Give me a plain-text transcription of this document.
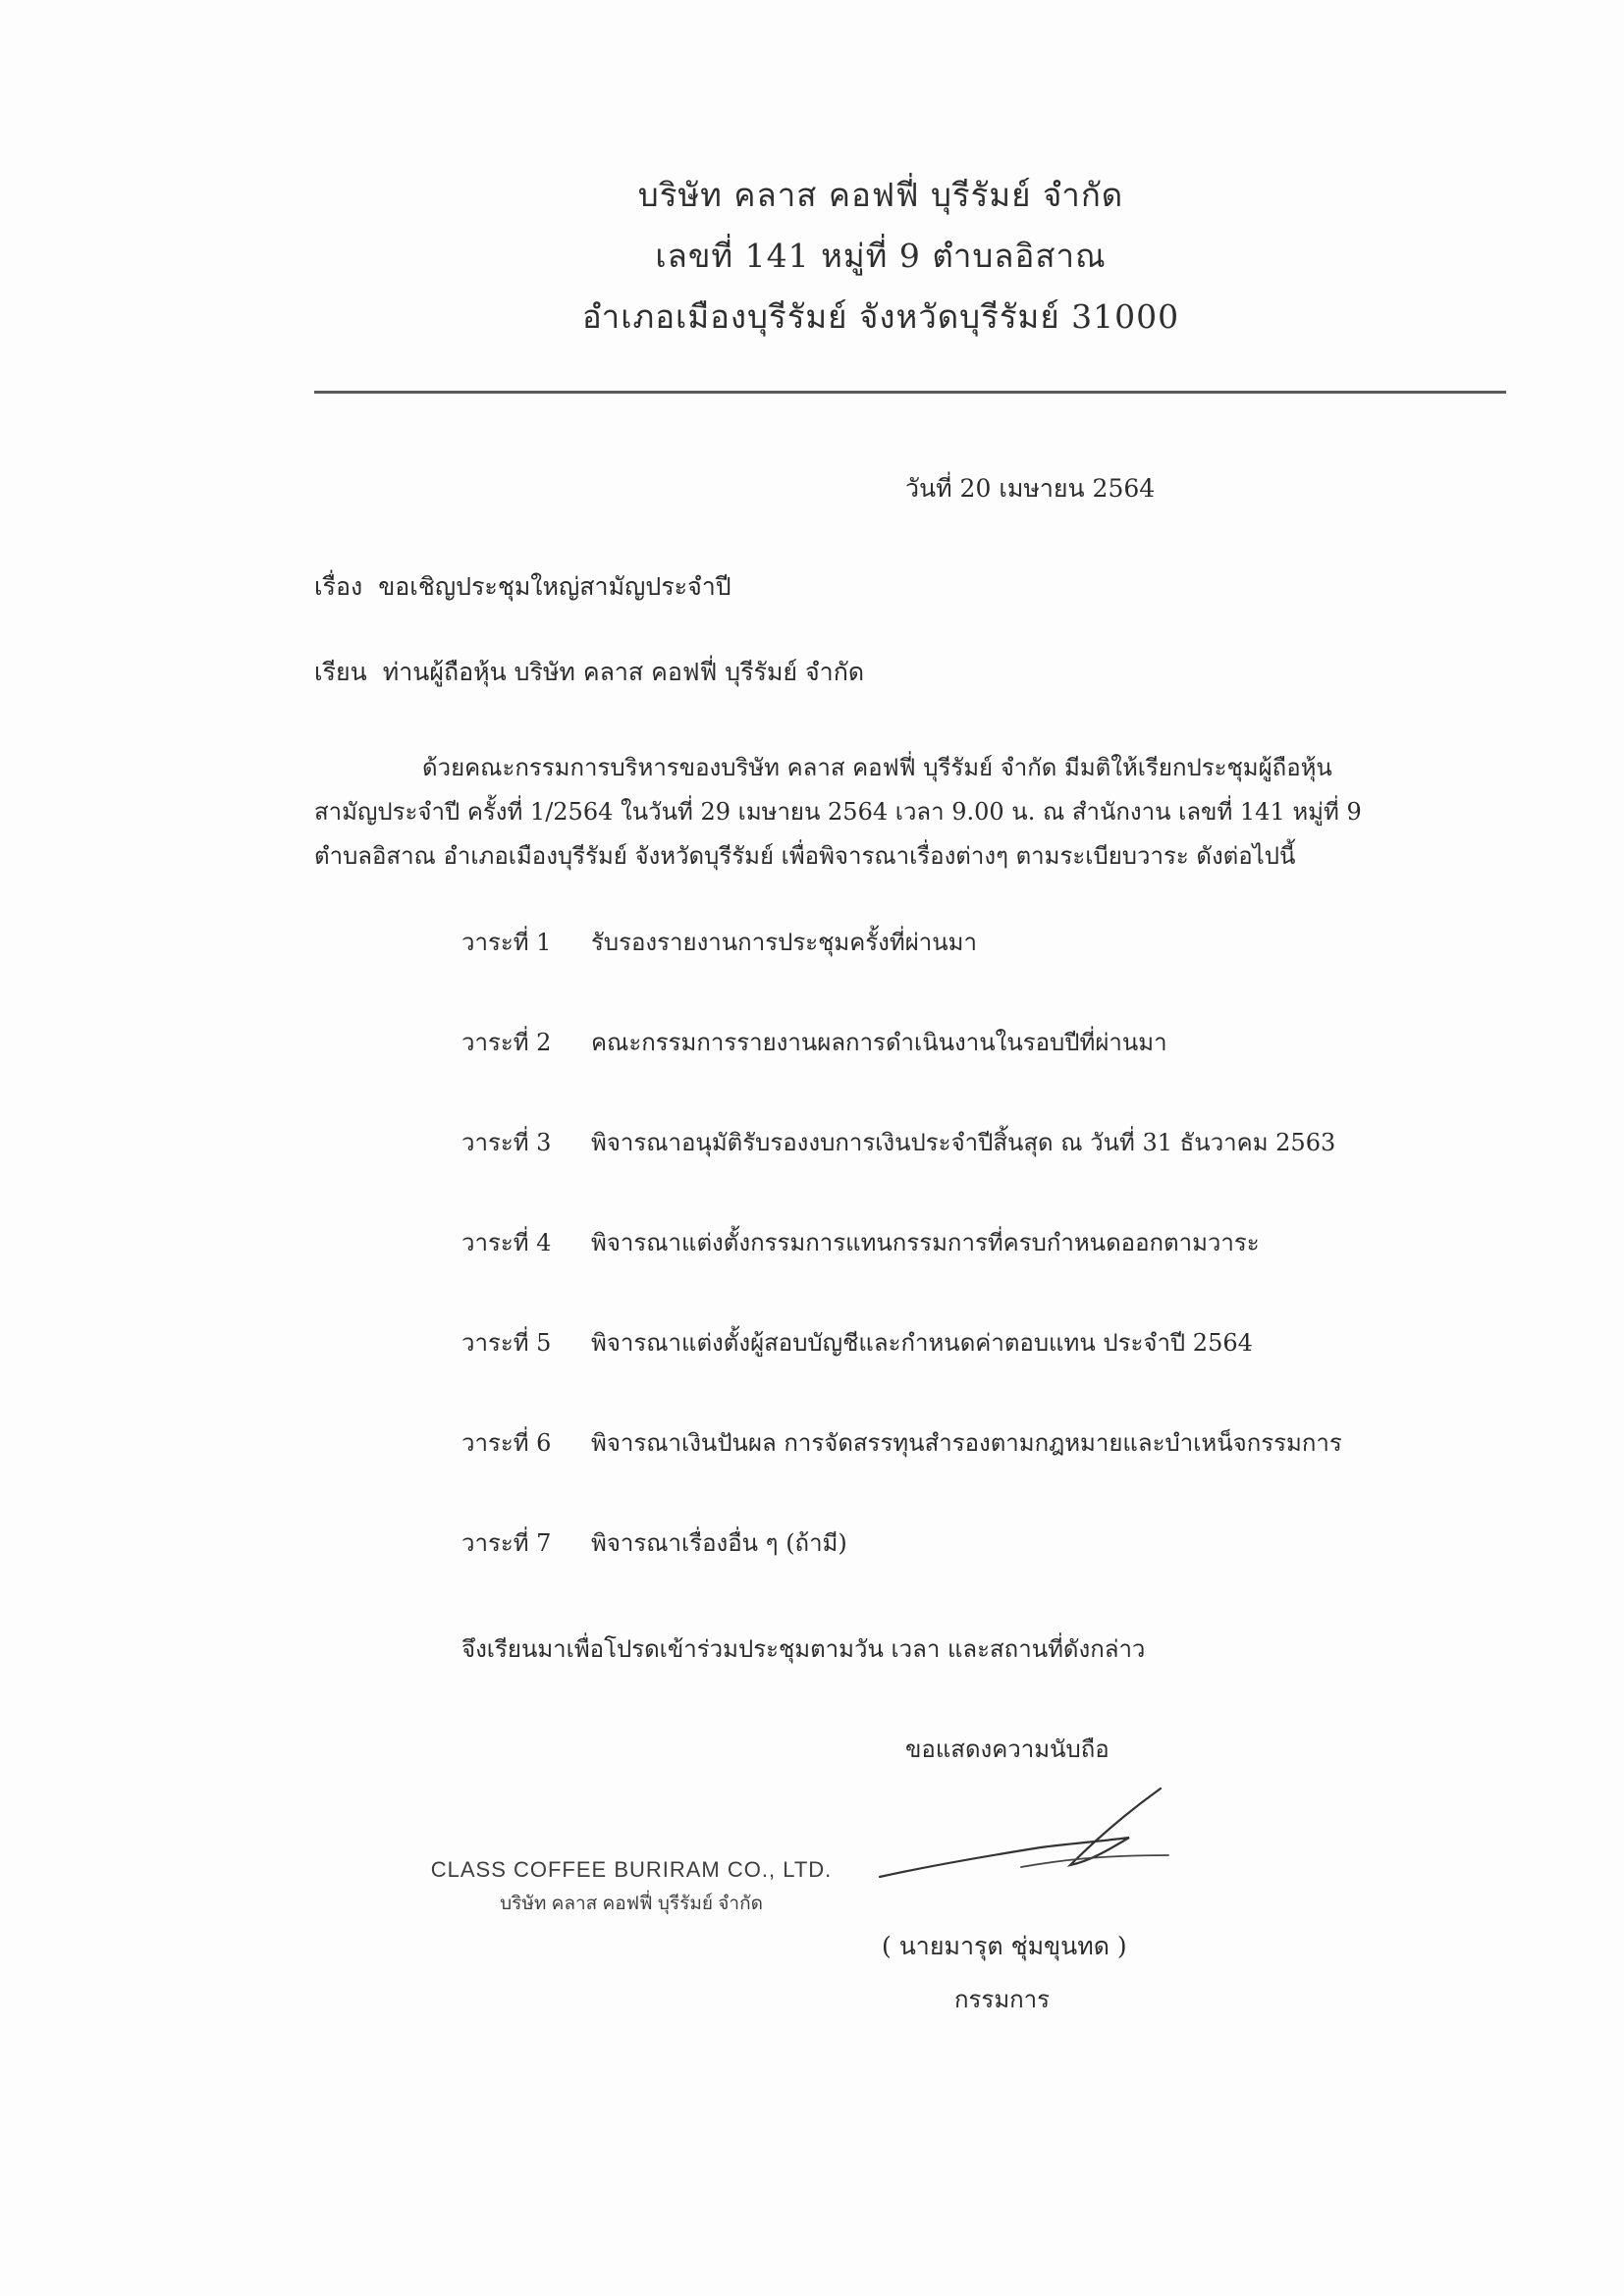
บริษัท คลาส คอฟฟี่ บุรีรัมย์ จำกัด
เลขที่ 141 หมู่ที่ 9 ตำบลอิสาณ
อำเภอเมืองบุรีรัมย์ จังหวัดบุรีรัมย์ 31000
วันที่ 20 เมษายน 2564
เรื่อง ขอเชิญประชุมใหญ่สามัญประจำปี
เรียน ท่านผู้ถือหุ้น บริษัท คลาส คอฟฟี่ บุรีรัมย์ จำกัด
ด้วยคณะกรรมการบริหารของบริษัท คลาส คอฟฟี่ บุรีรัมย์ จำกัด มีมติให้เรียกประชุมผู้ถือหุ้นสามัญประจำปี ครั้งที่ 1/2564 ในวันที่ 29 เมษายน 2564 เวลา 9.00 น. ณ สำนักงาน เลขที่ 141 หมู่ที่ 9 ตำบลอิสาณ อำเภอเมืองบุรีรัมย์ จังหวัดบุรีรัมย์ เพื่อพิจารณาเรื่องต่างๆ ตามระเบียบวาระ ดังต่อไปนี้
วาระที่ 1 รับรองรายงานการประชุมครั้งที่ผ่านมา
วาระที่ 2 คณะกรรมการรายงานผลการดำเนินงานในรอบปีที่ผ่านมา
วาระที่ 3 พิจารณาอนุมัติรับรองงบการเงินประจำปีสิ้นสุด ณ วันที่ 31 ธันวาคม 2563
วาระที่ 4 พิจารณาแต่งตั้งกรรมการแทนกรรมการที่ครบกำหนดออกตามวาระ
วาระที่ 5 พิจารณาแต่งตั้งผู้สอบบัญชีและกำหนดค่าตอบแทน ประจำปี 2564
วาระที่ 6 พิจารณาเงินปันผล การจัดสรรทุนสำรองตามกฎหมายและบำเหน็จกรรมการ
วาระที่ 7 พิจารณาเรื่องอื่น ๆ (ถ้ามี)
จึงเรียนมาเพื่อโปรดเข้าร่วมประชุมตามวัน เวลา และสถานที่ดังกล่าว
ขอแสดงความนับถือ
CLASS COFFEE BURIRAM CO., LTD.
บริษัท คลาส คอฟฟี่ บุรีรัมย์ จำกัด
( นายมารุต ชุ่มขุนทด )
กรรมการ
